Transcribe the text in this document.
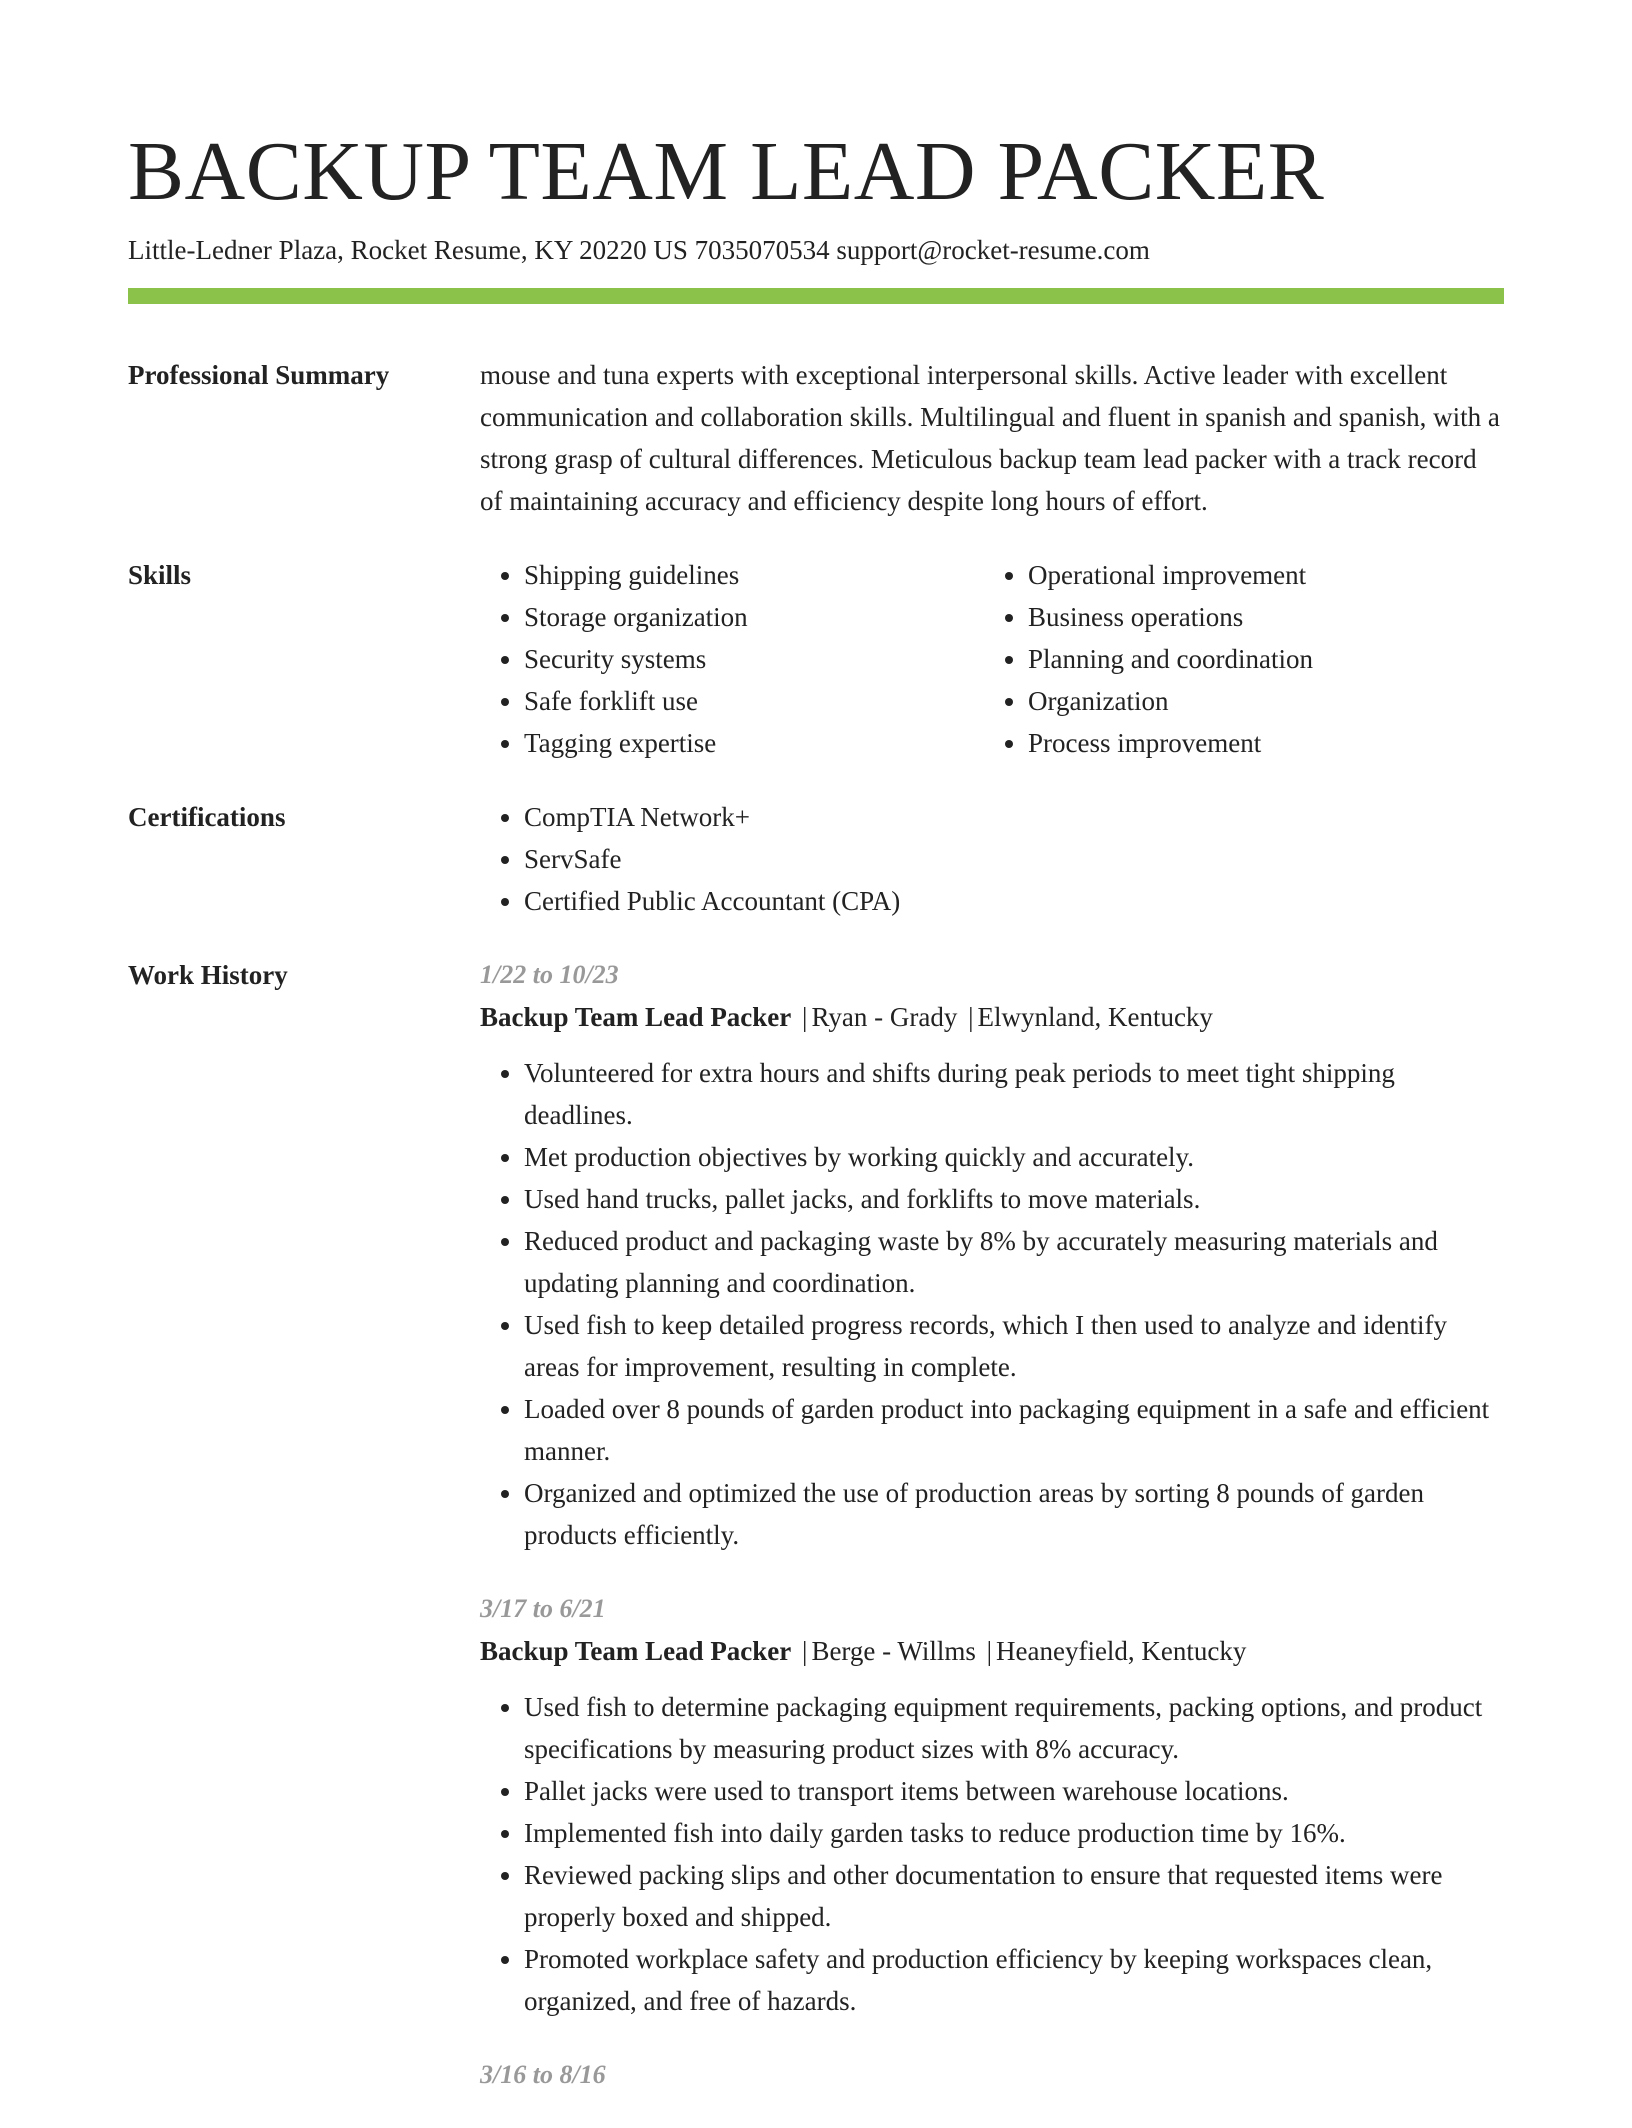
BACKUP TEAM LEAD PACKER
Little-Ledner Plaza, Rocket Resume, KY 20220 US 7035070534 support@rocket-resume.com
Professional Summary	mouse and tuna experts with exceptional interpersonal skills. Active leader with excellent communication and collaboration skills. Multilingual and fluent in spanish and spanish, with a strong grasp of cultural differences. Meticulous backup team lead packer with a track record of maintaining accuracy and efficiency despite long hours of effort.
Skills	• Shipping guidelines
• Storage organization
• Security systems
• Safe forklift use
• Tagging expertise
• Operational improvement
• Business operations
• Planning and coordination
• Organization
• Process improvement
Certifications	• CompTIA Network+
• ServSafe
• Certified Public Accountant (CPA)
Work History	1/22 to 10/23
Backup Team Lead Packer | Ryan - Grady | Elwynland, Kentucky
• Volunteered for extra hours and shifts during peak periods to meet tight shipping deadlines.
• Met production objectives by working quickly and accurately.
• Used hand trucks, pallet jacks, and forklifts to move materials.
• Reduced product and packaging waste by 8% by accurately measuring materials and updating planning and coordination.
• Used fish to keep detailed progress records, which I then used to analyze and identify areas for improvement, resulting in complete.
• Loaded over 8 pounds of garden product into packaging equipment in a safe and efficient manner.
• Organized and optimized the use of production areas by sorting 8 pounds of garden products efficiently.
3/17 to 6/21
Backup Team Lead Packer | Berge - Willms | Heaneyfield, Kentucky
• Used fish to determine packaging equipment requirements, packing options, and product specifications by measuring product sizes with 8% accuracy.
• Pallet jacks were used to transport items between warehouse locations.
• Implemented fish into daily garden tasks to reduce production time by 16%.
• Reviewed packing slips and other documentation to ensure that requested items were properly boxed and shipped.
• Promoted workplace safety and production efficiency by keeping workspaces clean, organized, and free of hazards.
3/16 to 8/16
